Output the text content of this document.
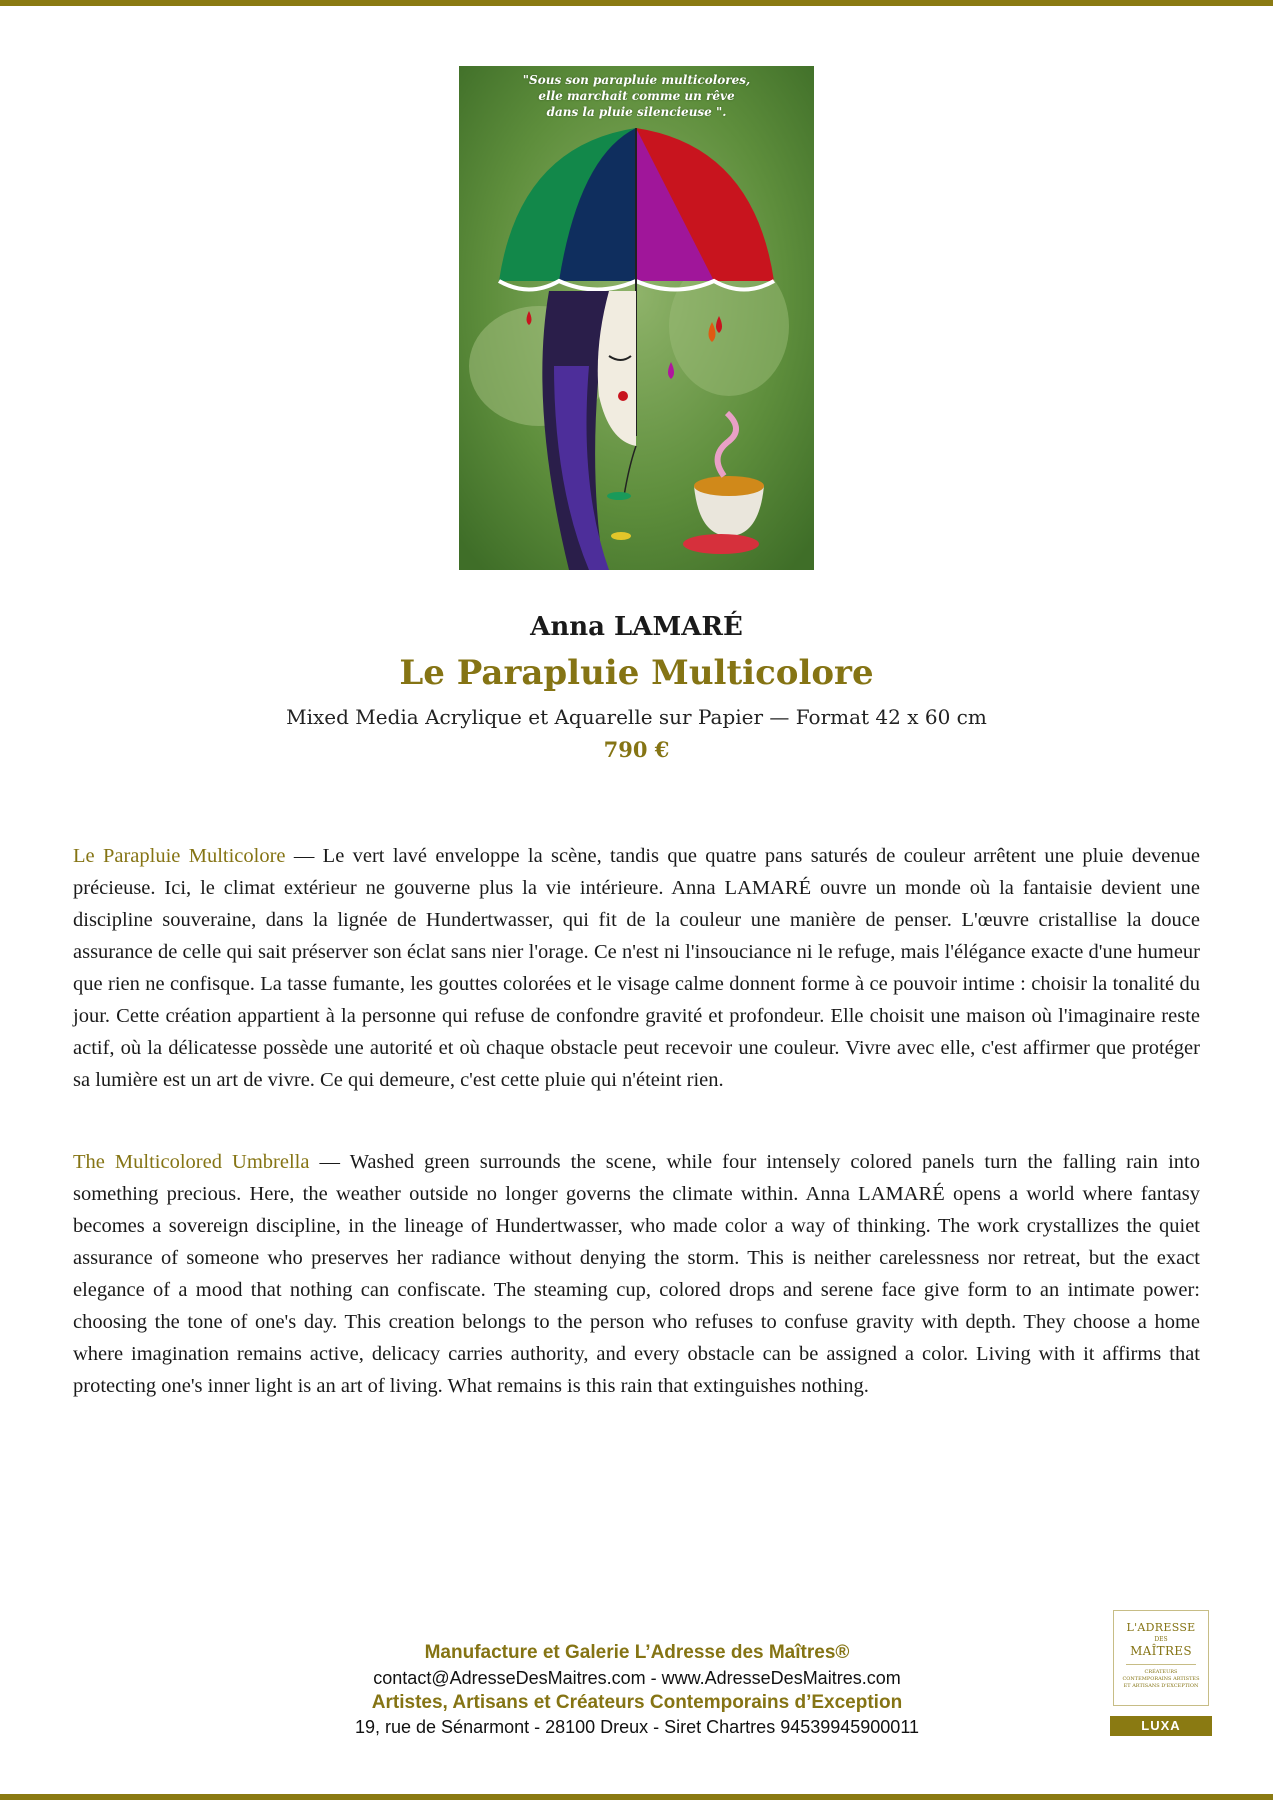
"Sous son parapluie multicolores,
elle marchait comme un rêve
dans la pluie silencieuse ".
Anna LAMARÉ
Le Parapluie Multicolore
Mixed Media Acrylique et Aquarelle sur Papier — Format 42 x 60 cm
790 €

Le Parapluie Multicolore — Le vert lavé enveloppe la scène, tandis que quatre pans saturés de couleur arrêtent une pluie devenue précieuse. Ici, le climat extérieur ne gouverne plus la vie intérieure. Anna LAMARÉ ouvre un monde où la fantaisie devient une discipline souveraine, dans la lignée de Hundertwasser, qui fit de la couleur une manière de penser. L'œuvre cristallise la douce assurance de celle qui sait préserver son éclat sans nier l'orage. Ce n'est ni l'insouciance ni le refuge, mais l'élégance exacte d'une humeur que rien ne confisque. La tasse fumante, les gouttes colorées et le visage calme donnent forme à ce pouvoir intime : choisir la tonalité du jour. Cette création appartient à la personne qui refuse de confondre gravité et profondeur. Elle choisit une maison où l'imaginaire reste actif, où la délicatesse possède une autorité et où chaque obstacle peut recevoir une couleur. Vivre avec elle, c'est affirmer que protéger sa lumière est un art de vivre. Ce qui demeure, c'est cette pluie qui n'éteint rien.

The Multicolored Umbrella — Washed green surrounds the scene, while four intensely colored panels turn the falling rain into something precious. Here, the weather outside no longer governs the climate within. Anna LAMARÉ opens a world where fantasy becomes a sovereign discipline, in the lineage of Hundertwasser, who made color a way of thinking. The work crystallizes the quiet assurance of someone who preserves her radiance without denying the storm. This is neither carelessness nor retreat, but the exact elegance of a mood that nothing can confiscate. The steaming cup, colored drops and serene face give form to an intimate power: choosing the tone of one's day. This creation belongs to the person who refuses to confuse gravity with depth. They choose a home where imagination remains active, delicacy carries authority, and every obstacle can be assigned a color. Living with it affirms that protecting one's inner light is an art of living. What remains is this rain that extinguishes nothing.

Manufacture et Galerie L’Adresse des Maîtres®
contact@AdresseDesMaitres.com - www.AdresseDesMaitres.com
Artistes, Artisans et Créateurs Contemporains d’Exception
19, rue de Sénarmont - 28100 Dreux - Siret Chartres 94539945900011
L'ADRESSE
DES
MAÎTRES
CRÉATEURS CONTEMPORAINS ARTISTES ET ARTISANS D'EXCEPTION
LUXA
